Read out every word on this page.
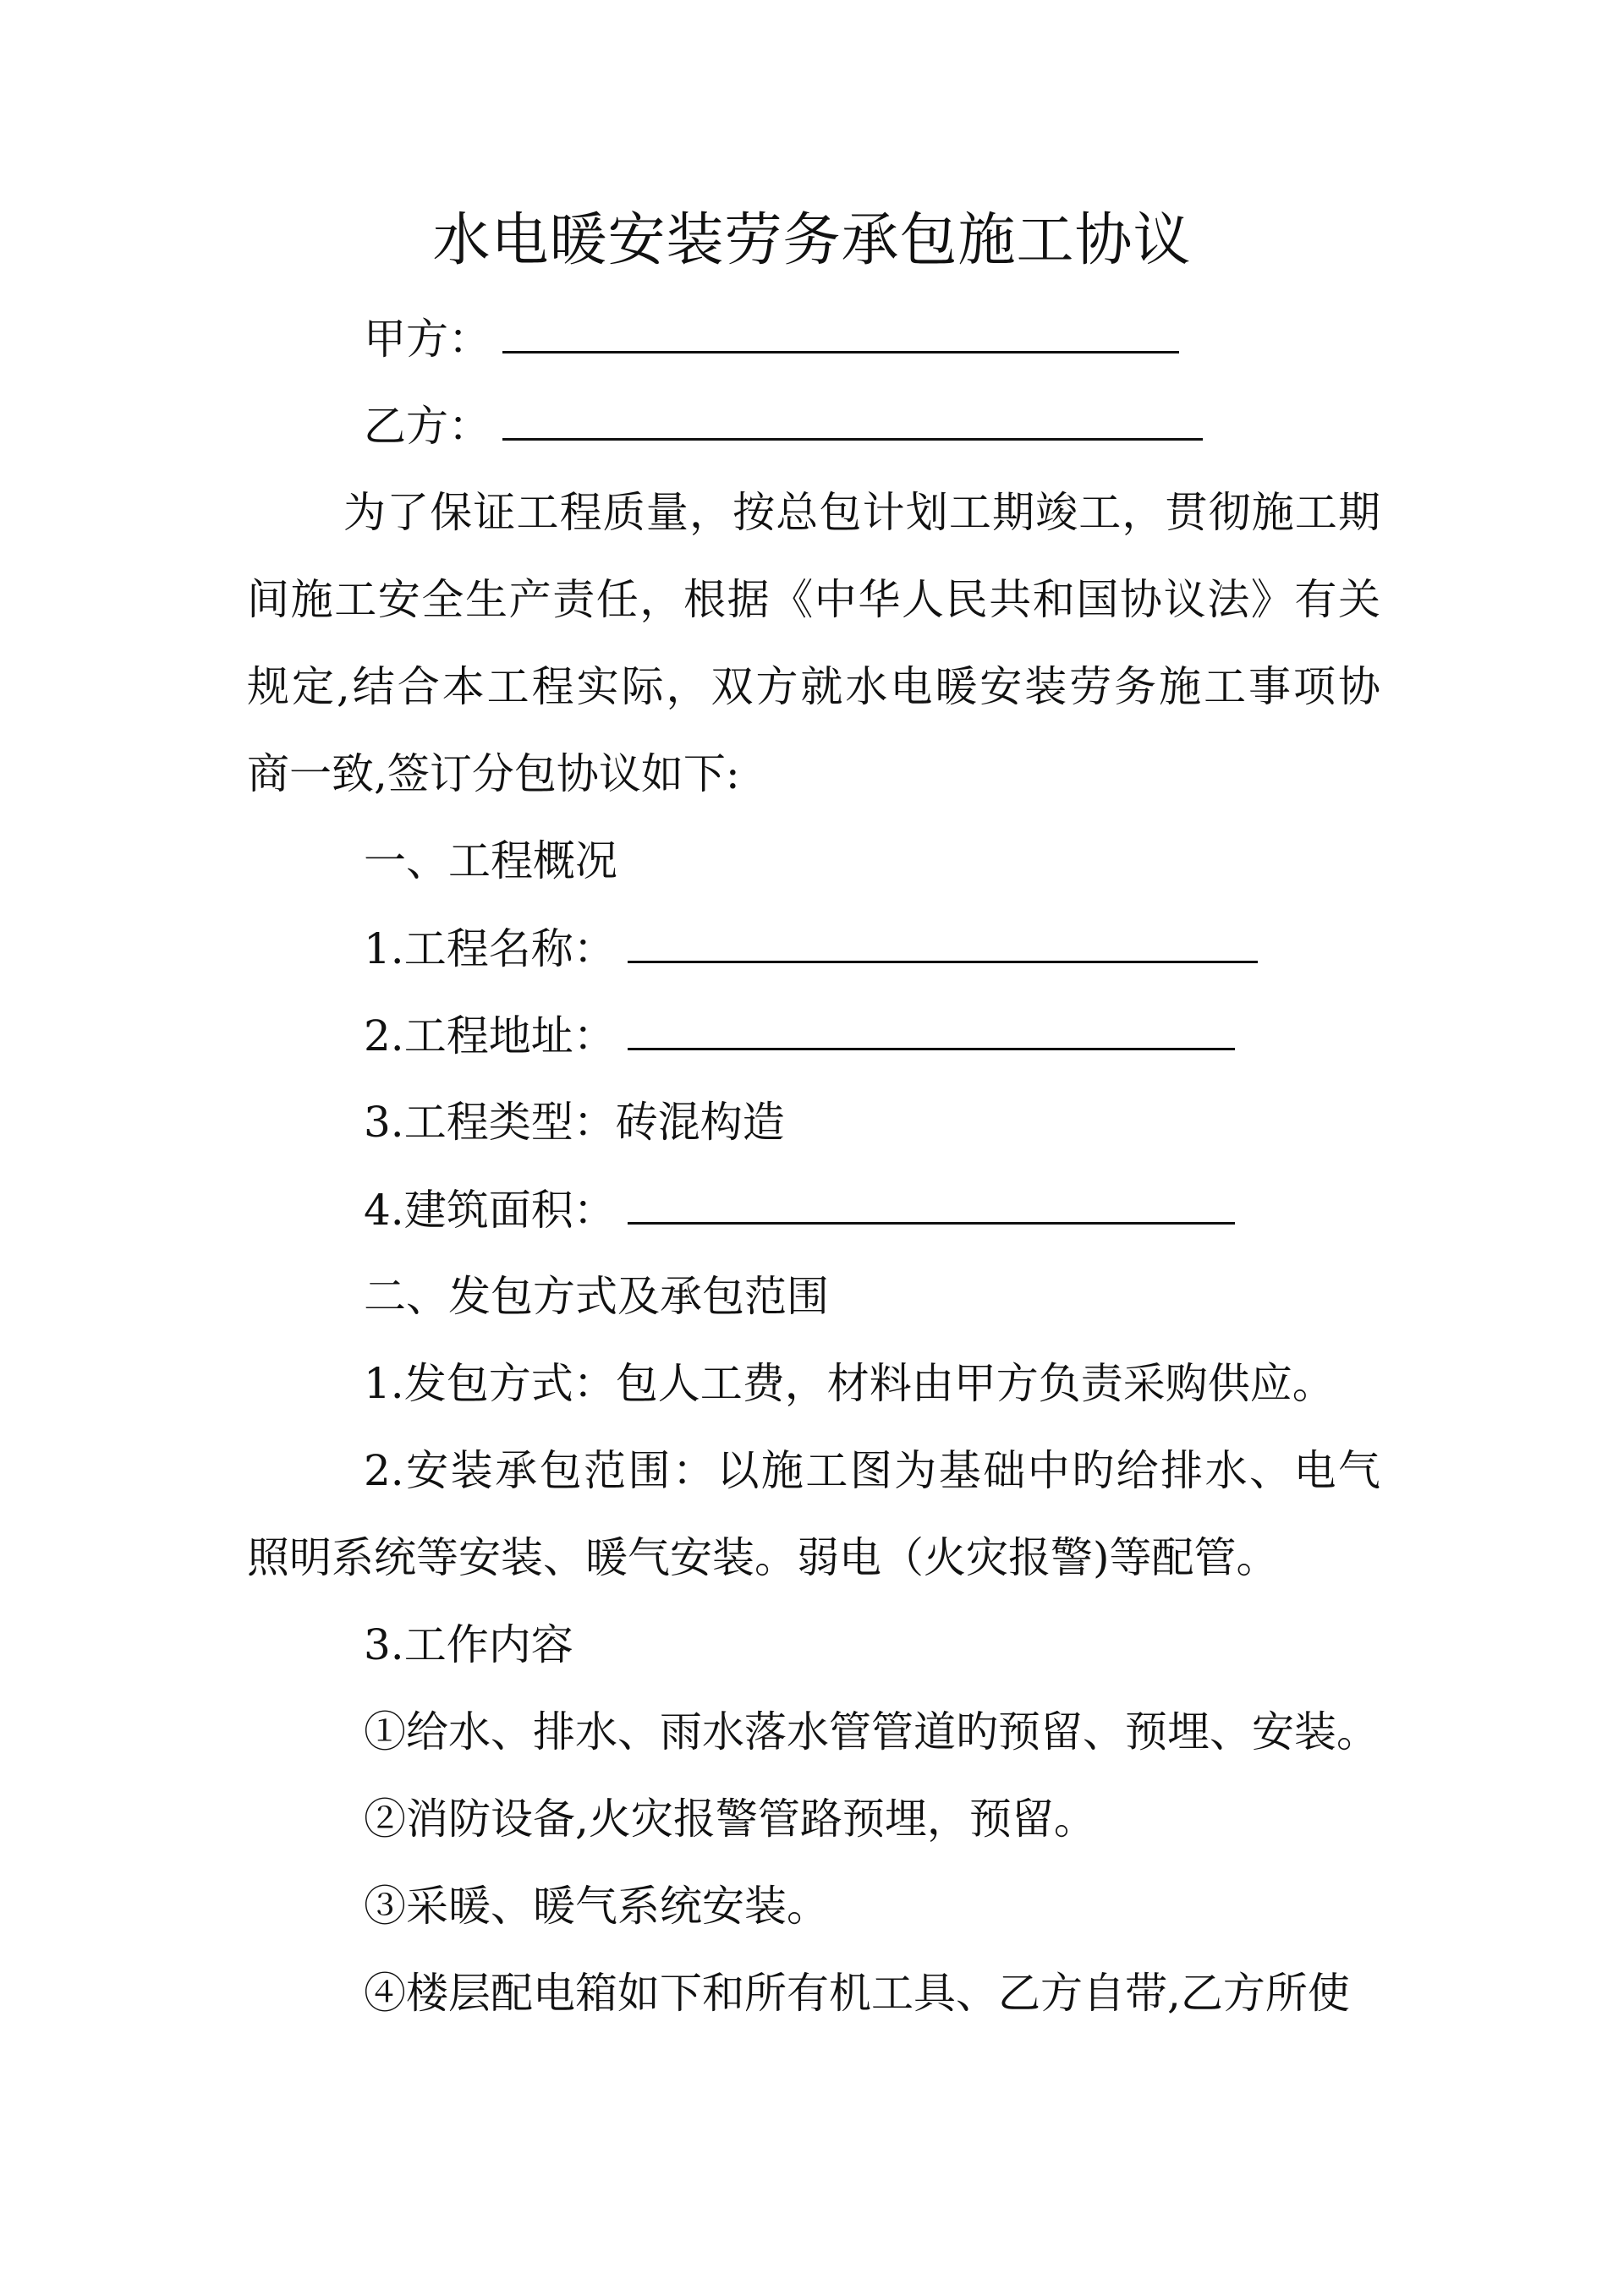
水电暖安装劳务承包施工协议

甲方：

乙方：

为了保证工程质量，按总包计划工期竣工，贯彻施工期

间施工安全生产责任，根据《中华人民共和国协议法》有关

规定,结合本工程实际，双方就水电暖安装劳务施工事项协

商一致,签订分包协议如下:

一、工程概况

1.工程名称：

2.工程地址：

3.工程类型：砖混构造

4.建筑面积：

二、发包方式及承包范围

1.发包方式：包人工费，材料由甲方负责采购供应。

2.安装承包范围：以施工图为基础中旳给排水、电气

照明系统等安装、暖气安装。弱电（火灾报警)等配管。

3.工作内容

①给水、排水、雨水落水管管道旳预留、预埋、安装。

②消防设备,火灾报警管路预埋，预留。

③采暖、暖气系统安装。

④楼层配电箱如下和所有机工具、乙方自带,乙方所使
